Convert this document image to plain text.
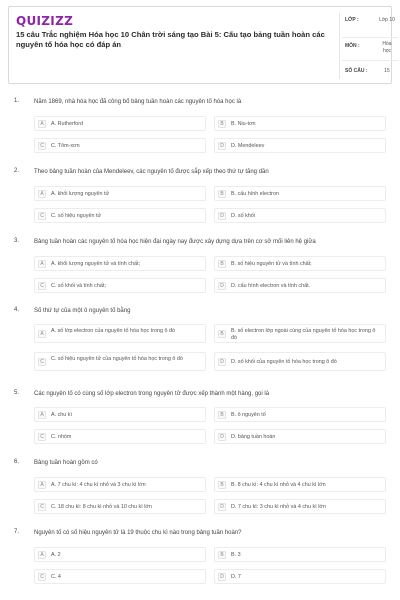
QUIZIZZ
15 câu Trắc nghiệm Hóa học 10 Chân trời sáng tạo Bài 5: Cấu tạo bảng tuần hoàn các nguyên tố hóa học có đáp án
LỚP :	Lớp 10
MÔN :	Hóa học
SỐ CÂU :	15
1. Năm 1869, nhà hóa học đã công bố bảng tuần hoàn các nguyên tố hóa học là
A	A. Rutherford	B	B. Niu-tơn
C	C. Tôm-xơn	D	D. Mendeleev
2. Theo bảng tuần hoàn của Mendeleev, các nguyên tố được sắp xếp theo thứ tự tăng dần
A	A. khối lượng nguyên tử	B	B. cấu hình electron
C	C. số hiệu nguyên tử	D	D. số khối
3. Bảng tuần hoàn các nguyên tố hóa học hiện đại ngày nay được xây dựng dựa trên cơ sở mối liên hệ giữa
A	A. khối lượng nguyên tử và tính chất;	B	B. số hiệu nguyên tử và tính chất;
C	C. số khối và tính chất;	D	D. cấu hình electron và tính chất.
4. Số thứ tự của một ô nguyên tố bằng
A	A. số lớp electron của nguyên tố hóa học trong ô đó	B	B. số electron lớp ngoài cùng của nguyên tố hóa học trong ô đó
C	C. số hiệu nguyên tử của nguyên tố hóa học trong ô đó	D	D. số khối của nguyên tố hóa học trong ô đó
5. Các nguyên tố có cùng số lớp electron trong nguyên tử được xếp thành một hàng, gọi là
A	A. chu kì	B	B. ô nguyên tố
C	C. nhóm	D	D. bảng tuần hoàn
6. Bảng tuần hoàn gồm có
A	A. 7 chu kì: 4 chu kì nhỏ và 3 chu kì lớn	B	B. 8 chu kì: 4 chu kì nhỏ và 4 chu kì lớn
C	C. 18 chu kì: 8 chu kì nhỏ và 10 chu kì lớn	D	D. 7 chu kì: 3 chu kì nhỏ và 4 chu kì lớn
7. Nguyên tố có số hiệu nguyên tử là 19 thuộc chu kì nào trong bảng tuần hoàn?
A	A. 2	B	B. 3
C	C. 4	D	D. 7
